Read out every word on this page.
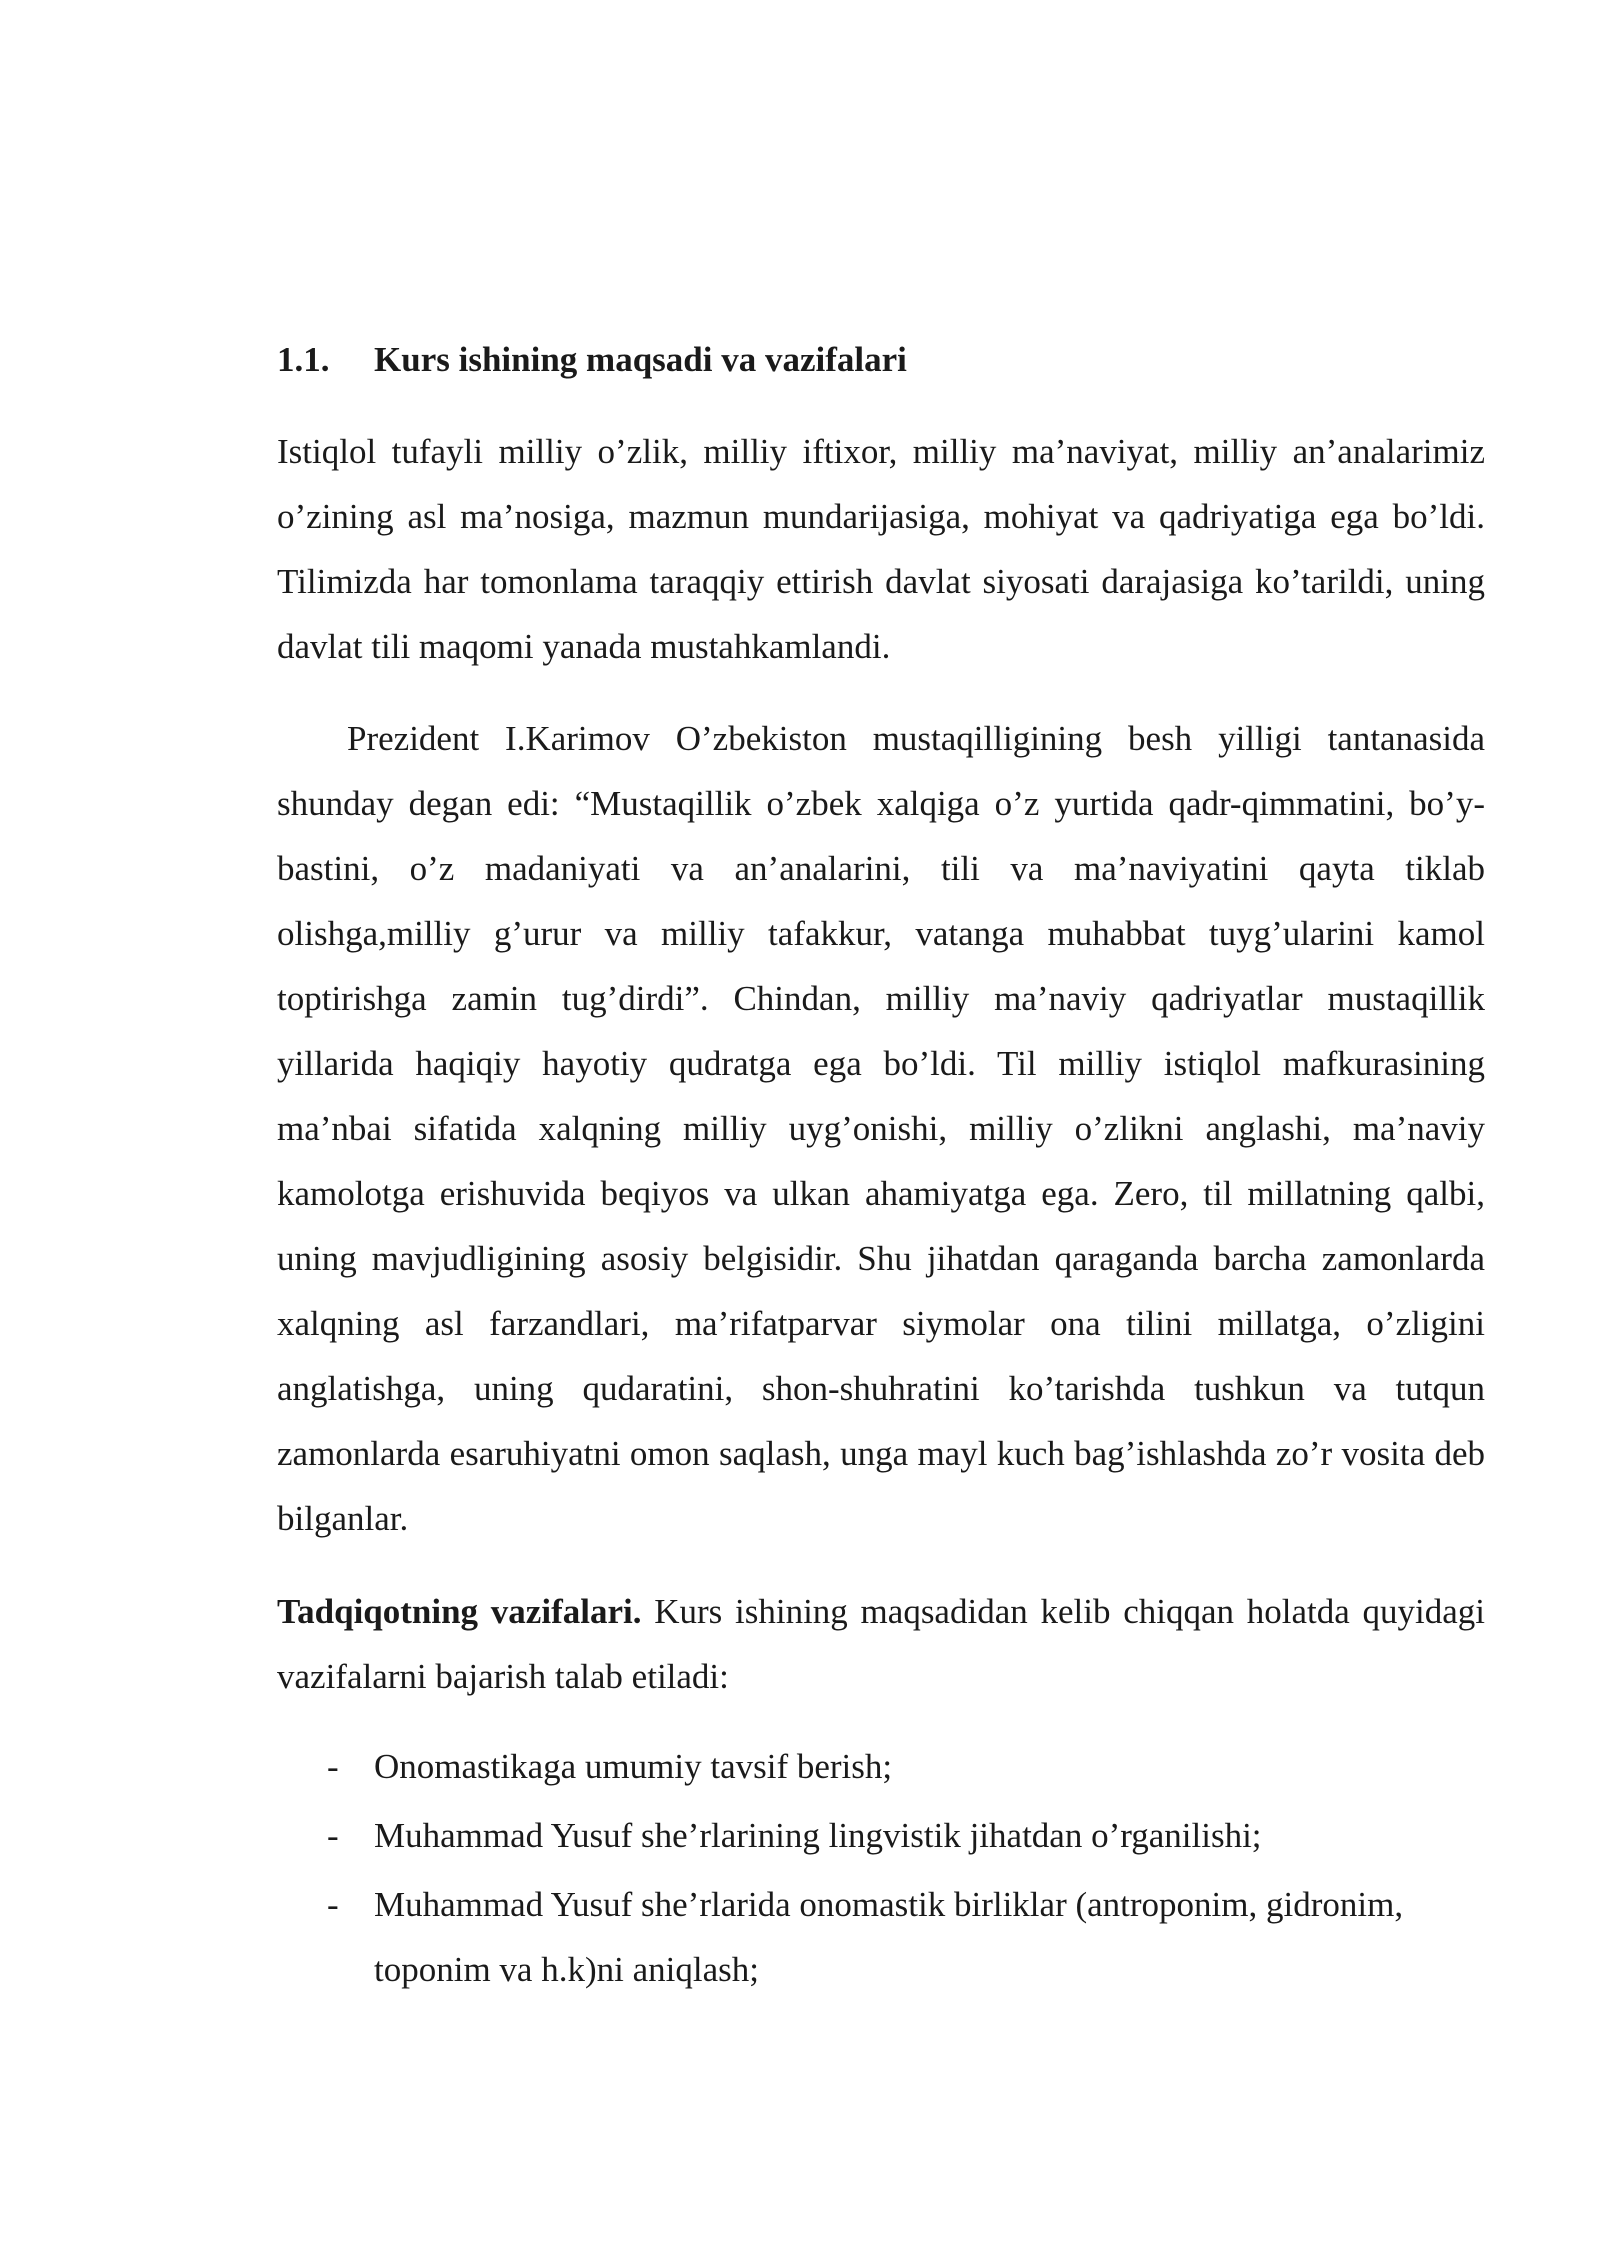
1.1. Kurs ishining maqsadi va vazifalari

Istiqlol tufayli milliy o’zlik, milliy iftixor, milliy ma’naviyat, milliy an’analarimiz o’zining asl ma’nosiga, mazmun mundarijasiga, mohiyat va qadriyatiga ega bo’ldi. Tilimizda har tomonlama taraqqiy ettirish davlat siyosati darajasiga ko’tarildi, uning davlat tili maqomi yanada mustahkamlandi.

Prezident I.Karimov O’zbekiston mustaqilligining besh yilligi tantanasida shunday degan edi: “Mustaqillik o’zbek xalqiga o’z yurtida qadr-qimmatini, bo’y-bastini, o’z madaniyati va an’analarini, tili va ma’naviyatini qayta tiklab olishga,milliy g’urur va milliy tafakkur, vatanga muhabbat tuyg’ularini kamol toptirishga zamin tug’dirdi”. Chindan, milliy ma’naviy qadriyatlar mustaqillik yillarida haqiqiy hayotiy qudratga ega bo’ldi. Til milliy istiqlol mafkurasining ma’nbai sifatida xalqning milliy uyg’onishi, milliy o’zlikni anglashi, ma’naviy kamolotga erishuvida beqiyos va ulkan ahamiyatga ega. Zero, til millatning qalbi, uning mavjudligining asosiy belgisidir. Shu jihatdan qaraganda barcha zamonlarda xalqning asl farzandlari, ma’rifatparvar siymolar ona tilini millatga, o’zligini anglatishga, uning qudaratini, shon-shuhratini ko’tarishda tushkun va tutqun zamonlarda esaruhiyatni omon saqlash, unga mayl kuch bag’ishlashda zo’r vosita deb bilganlar.

Tadqiqotning vazifalari. Kurs ishining maqsadidan kelib chiqqan holatda quyidagi vazifalarni bajarish talab etiladi:

- Onomastikaga umumiy tavsif berish;
- Muhammad Yusuf she’rlarining lingvistik jihatdan o’rganilishi;
- Muhammad Yusuf she’rlarida onomastik birliklar (antroponim, gidronim, toponim va h.k)ni aniqlash;
